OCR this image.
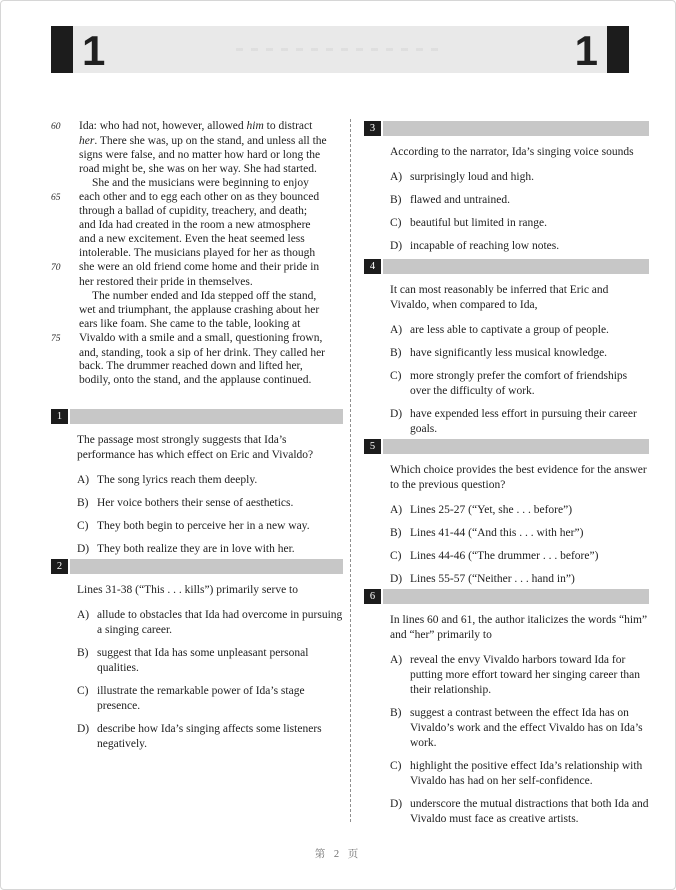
1	1
60	Ida: who had not, however, allowed him to distract
her. There she was, up on the stand, and unless all the
signs were false, and no matter how hard or long the
road might be, she was on her way. She had started.
She and the musicians were beginning to enjoy
65	each other and to egg each other on as they bounced
through a ballad of cupidity, treachery, and death;
and Ida had created in the room a new atmosphere
and a new excitement. Even the heat seemed less
intolerable. The musicians played for her as though
70	she were an old friend come home and their pride in
her restored their pride in themselves.
The number ended and Ida stepped off the stand,
wet and triumphant, the applause crashing about her
ears like foam. She came to the table, looking at
75	Vivaldo with a smile and a small, questioning frown,
and, standing, took a sip of her drink. They called her
back. The drummer reached down and lifted her,
bodily, onto the stand, and the applause continued.
1
The passage most strongly suggests that Ida’s performance has which effect on Eric and Vivaldo?
A) The song lyrics reach them deeply.
B) Her voice bothers their sense of aesthetics.
C) They both begin to perceive her in a new way.
D) They both realize they are in love with her.
2
Lines 31-38 (“This . . . kills”) primarily serve to
A) allude to obstacles that Ida had overcome in pursuing a singing career.
B) suggest that Ida has some unpleasant personal qualities.
C) illustrate the remarkable power of Ida’s stage presence.
D) describe how Ida’s singing affects some listeners negatively.
3
According to the narrator, Ida’s singing voice sounds
A) surprisingly loud and high.
B) flawed and untrained.
C) beautiful but limited in range.
D) incapable of reaching low notes.
4
It can most reasonably be inferred that Eric and Vivaldo, when compared to Ida,
A) are less able to captivate a group of people.
B) have significantly less musical knowledge.
C) more strongly prefer the comfort of friendships over the difficulty of work.
D) have expended less effort in pursuing their career goals.
5
Which choice provides the best evidence for the answer to the previous question?
A) Lines 25-27 (“Yet, she . . . before”)
B) Lines 41-44 (“And this . . . with her”)
C) Lines 44-46 (“The drummer . . . before”)
D) Lines 55-57 (“Neither . . . hand in”)
6
In lines 60 and 61, the author italicizes the words “him” and “her” primarily to
A) reveal the envy Vivaldo harbors toward Ida for putting more effort toward her singing career than their relationship.
B) suggest a contrast between the effect Ida has on Vivaldo’s work and the effect Vivaldo has on Ida’s work.
C) highlight the positive effect Ida’s relationship with Vivaldo has had on her self-confidence.
D) underscore the mutual distractions that both Ida and Vivaldo must face as creative artists.
第 2 页
